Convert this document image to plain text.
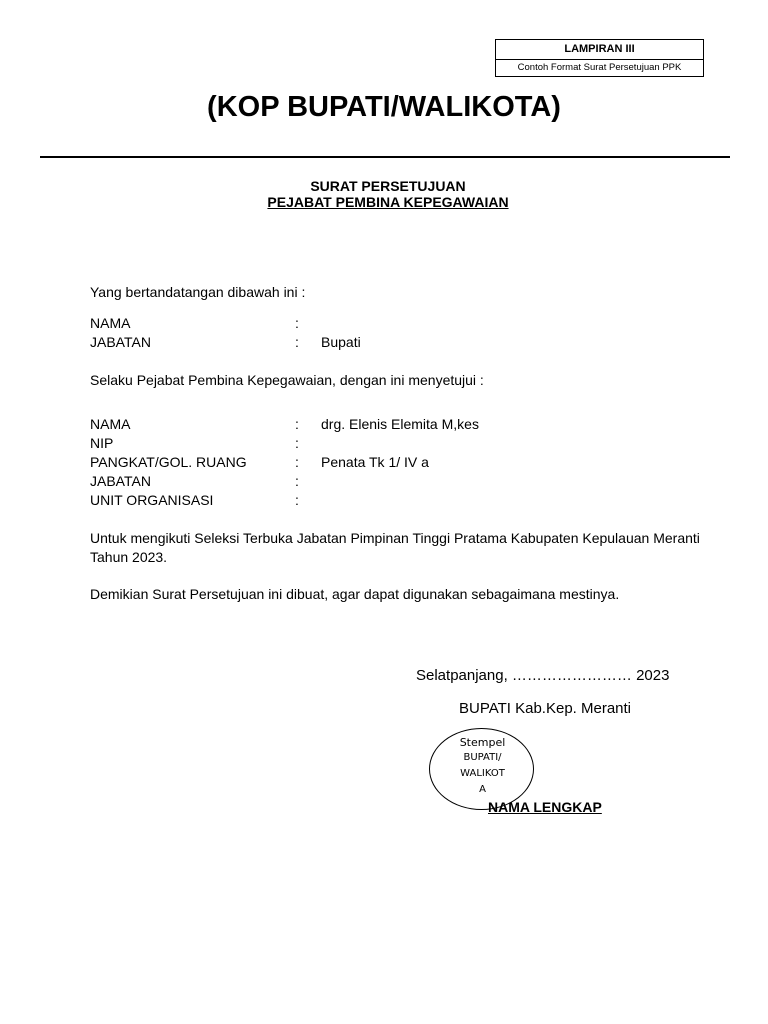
LAMPIRAN III
Contoh Format Surat Persetujuan PPK
(KOP BUPATI/WALIKOTA)
SURAT PERSETUJUAN
PEJABAT PEMBINA KEPEGAWAIAN
Yang bertandatangan dibawah ini :
NAMA	:
JABATAN	: Bupati
Selaku Pejabat Pembina Kepegawaian, dengan ini menyetujui :
NAMA	: drg. Elenis Elemita M,kes
NIP	:
PANGKAT/GOL. RUANG	: Penata Tk 1/ IV a
JABATAN	:
UNIT ORGANISASI	:
Untuk mengikuti Seleksi Terbuka Jabatan Pimpinan Tinggi Pratama Kabupaten Kepulauan Meranti Tahun 2023.
Demikian Surat Persetujuan ini dibuat, agar dapat digunakan sebagaimana mestinya.
Selatpanjang, …………………… 2023
BUPATI Kab.Kep. Meranti
Stempel
BUPATI/
WALIKOT
A
NAMA LENGKAP
